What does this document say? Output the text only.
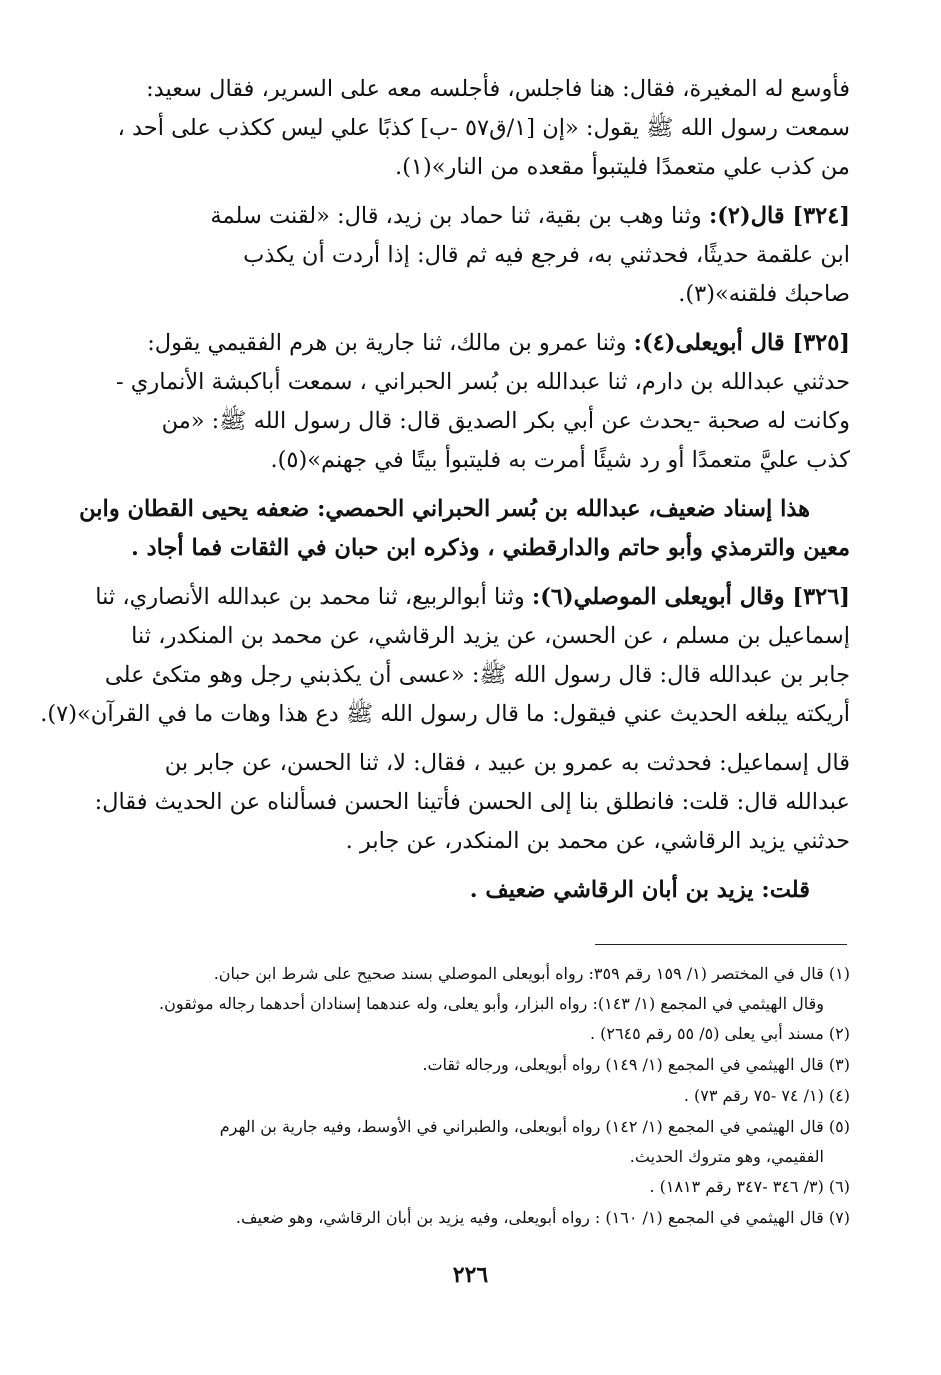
فأوسع له المغيرة، فقال: هنا فاجلس، فأجلسه معه على السرير، فقال سعيد:
سمعت رسول الله ﷺ يقول: «إن [١/ق٥٧ -ب] كذبًا علي ليس ككذب على أحد ،
من كذب علي متعمدًا فليتبوأ مقعده من النار»(١).

[٣٢٤] قال(٢): وثنا وهب بن بقية، ثنا حماد بن زيد، قال: «لقنت سلمة
ابن علقمة حديثًا، فحدثني به، فرجع فيه ثم قال: إذا أردت أن يكذب
صاحبك فلقنه»(٣).

[٣٢٥] قال أبويعلى(٤): وثنا عمرو بن مالك، ثنا جارية بن هرم الفقيمي يقول:
حدثني عبدالله بن دارم، ثنا عبدالله بن بُسر الحبراني ، سمعت أباكبشة الأنماري -
وكانت له صحبة -يحدث عن أبي بكر الصديق قال: قال رسول الله ﷺ: «من
كذب عليَّ متعمدًا أو رد شيئًا أمرت به فليتبوأ بيتًا في جهنم»(٥).

هذا إسناد ضعيف، عبدالله بن بُسر الحبراني الحمصي: ضعفه يحيى القطان وابن
معين والترمذي وأبو حاتم والدارقطني ، وذكره ابن حبان في الثقات فما أجاد .

[٣٢٦] وقال أبويعلى الموصلي(٦): وثنا أبوالربيع، ثنا محمد بن عبدالله الأنصاري، ثنا
إسماعيل بن مسلم ، عن الحسن، عن يزيد الرقاشي، عن محمد بن المنكدر، ثنا
جابر بن عبدالله قال: قال رسول الله ﷺ: «عسى أن يكذبني رجل وهو متكئ على
أريكته يبلغه الحديث عني فيقول: ما قال رسول الله ﷺ دع هذا وهات ما في القرآن»(٧).

قال إسماعيل: فحدثت به عمرو بن عبيد ، فقال: لا، ثنا الحسن، عن جابر بن
عبدالله قال: قلت: فانطلق بنا إلى الحسن فأتينا الحسن فسألناه عن الحديث فقال:
حدثني يزيد الرقاشي، عن محمد بن المنكدر، عن جابر .

قلت: يزيد بن أبان الرقاشي ضعيف .

(١) قال في المختصر (١/ ١٥٩ رقم ٣٥٩: رواه أبويعلى الموصلي بسند صحيح على شرط ابن حبان.

وقال الهيثمي في المجمع (١/ ١٤٣): رواه البزار، وأبو يعلى، وله عندهما إسنادان أحدهما رجاله موثقون.

(٢) مسند أبي يعلى (٥/ ٥٥ رقم ٢٦٤٥) .

(٣) قال الهيثمي في المجمع (١/ ١٤٩) رواه أبويعلى، ورجاله ثقات.

(٤) (١/ ٧٤ -٧٥ رقم ٧٣) .

(٥) قال الهيثمي في المجمع (١/ ١٤٢) رواه أبويعلى، والطبراني في الأوسط، وفيه جارية بن الهرم

الفقيمي، وهو متروك الحديث.

(٦) (٣/ ٣٤٦ -٣٤٧ رقم ١٨١٣) .

(٧) قال الهيثمي في المجمع (١/ ١٦٠) : رواه أبويعلى، وفيه يزيد بن أبان الرقاشي، وهو ضعيف.

٢٢٦
